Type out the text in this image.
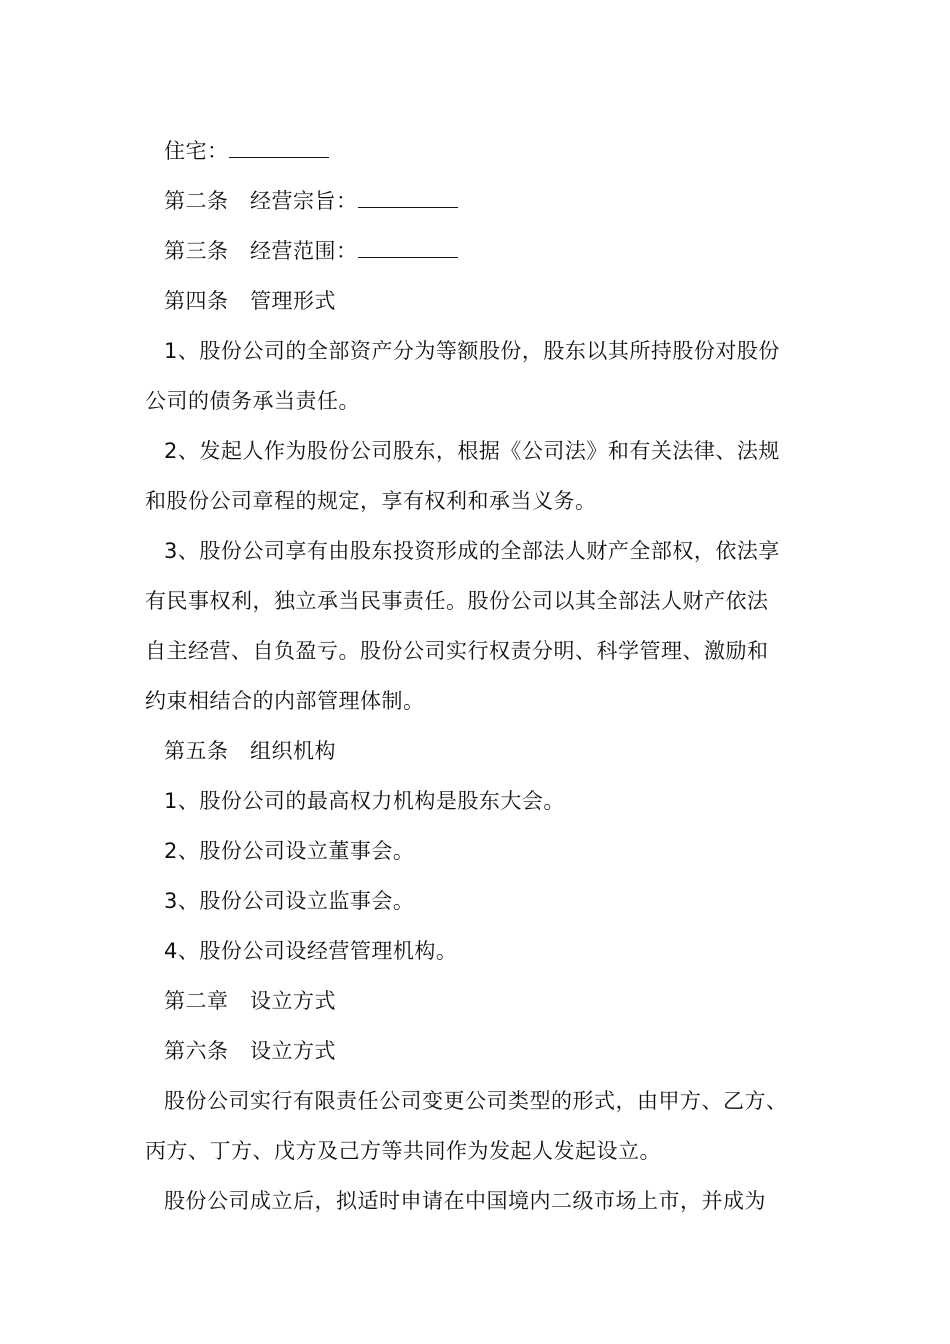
住宅：
第二条　经营宗旨：
第三条　经营范围：
第四条　管理形式
1、股份公司的全部资产分为等额股份，股东以其所持股份对股份
公司的债务承当责任。
2、发起人作为股份公司股东，根据《公司法》和有关法律、法规
和股份公司章程的规定，享有权利和承当义务。
3、股份公司享有由股东投资形成的全部法人财产全部权，依法享
有民事权利，独立承当民事责任。股份公司以其全部法人财产依法
自主经营、自负盈亏。股份公司实行权责分明、科学管理、激励和
约束相结合的内部管理体制。
第五条　组织机构
1、股份公司的最高权力机构是股东大会。
2、股份公司设立董事会。
3、股份公司设立监事会。
4、股份公司设经营管理机构。
第二章　设立方式
第六条　设立方式
股份公司实行有限责任公司变更公司类型的形式，由甲方、乙方、
丙方、丁方、戊方及己方等共同作为发起人发起设立。
股份公司成立后，拟适时申请在中国境内二级市场上市，并成为
